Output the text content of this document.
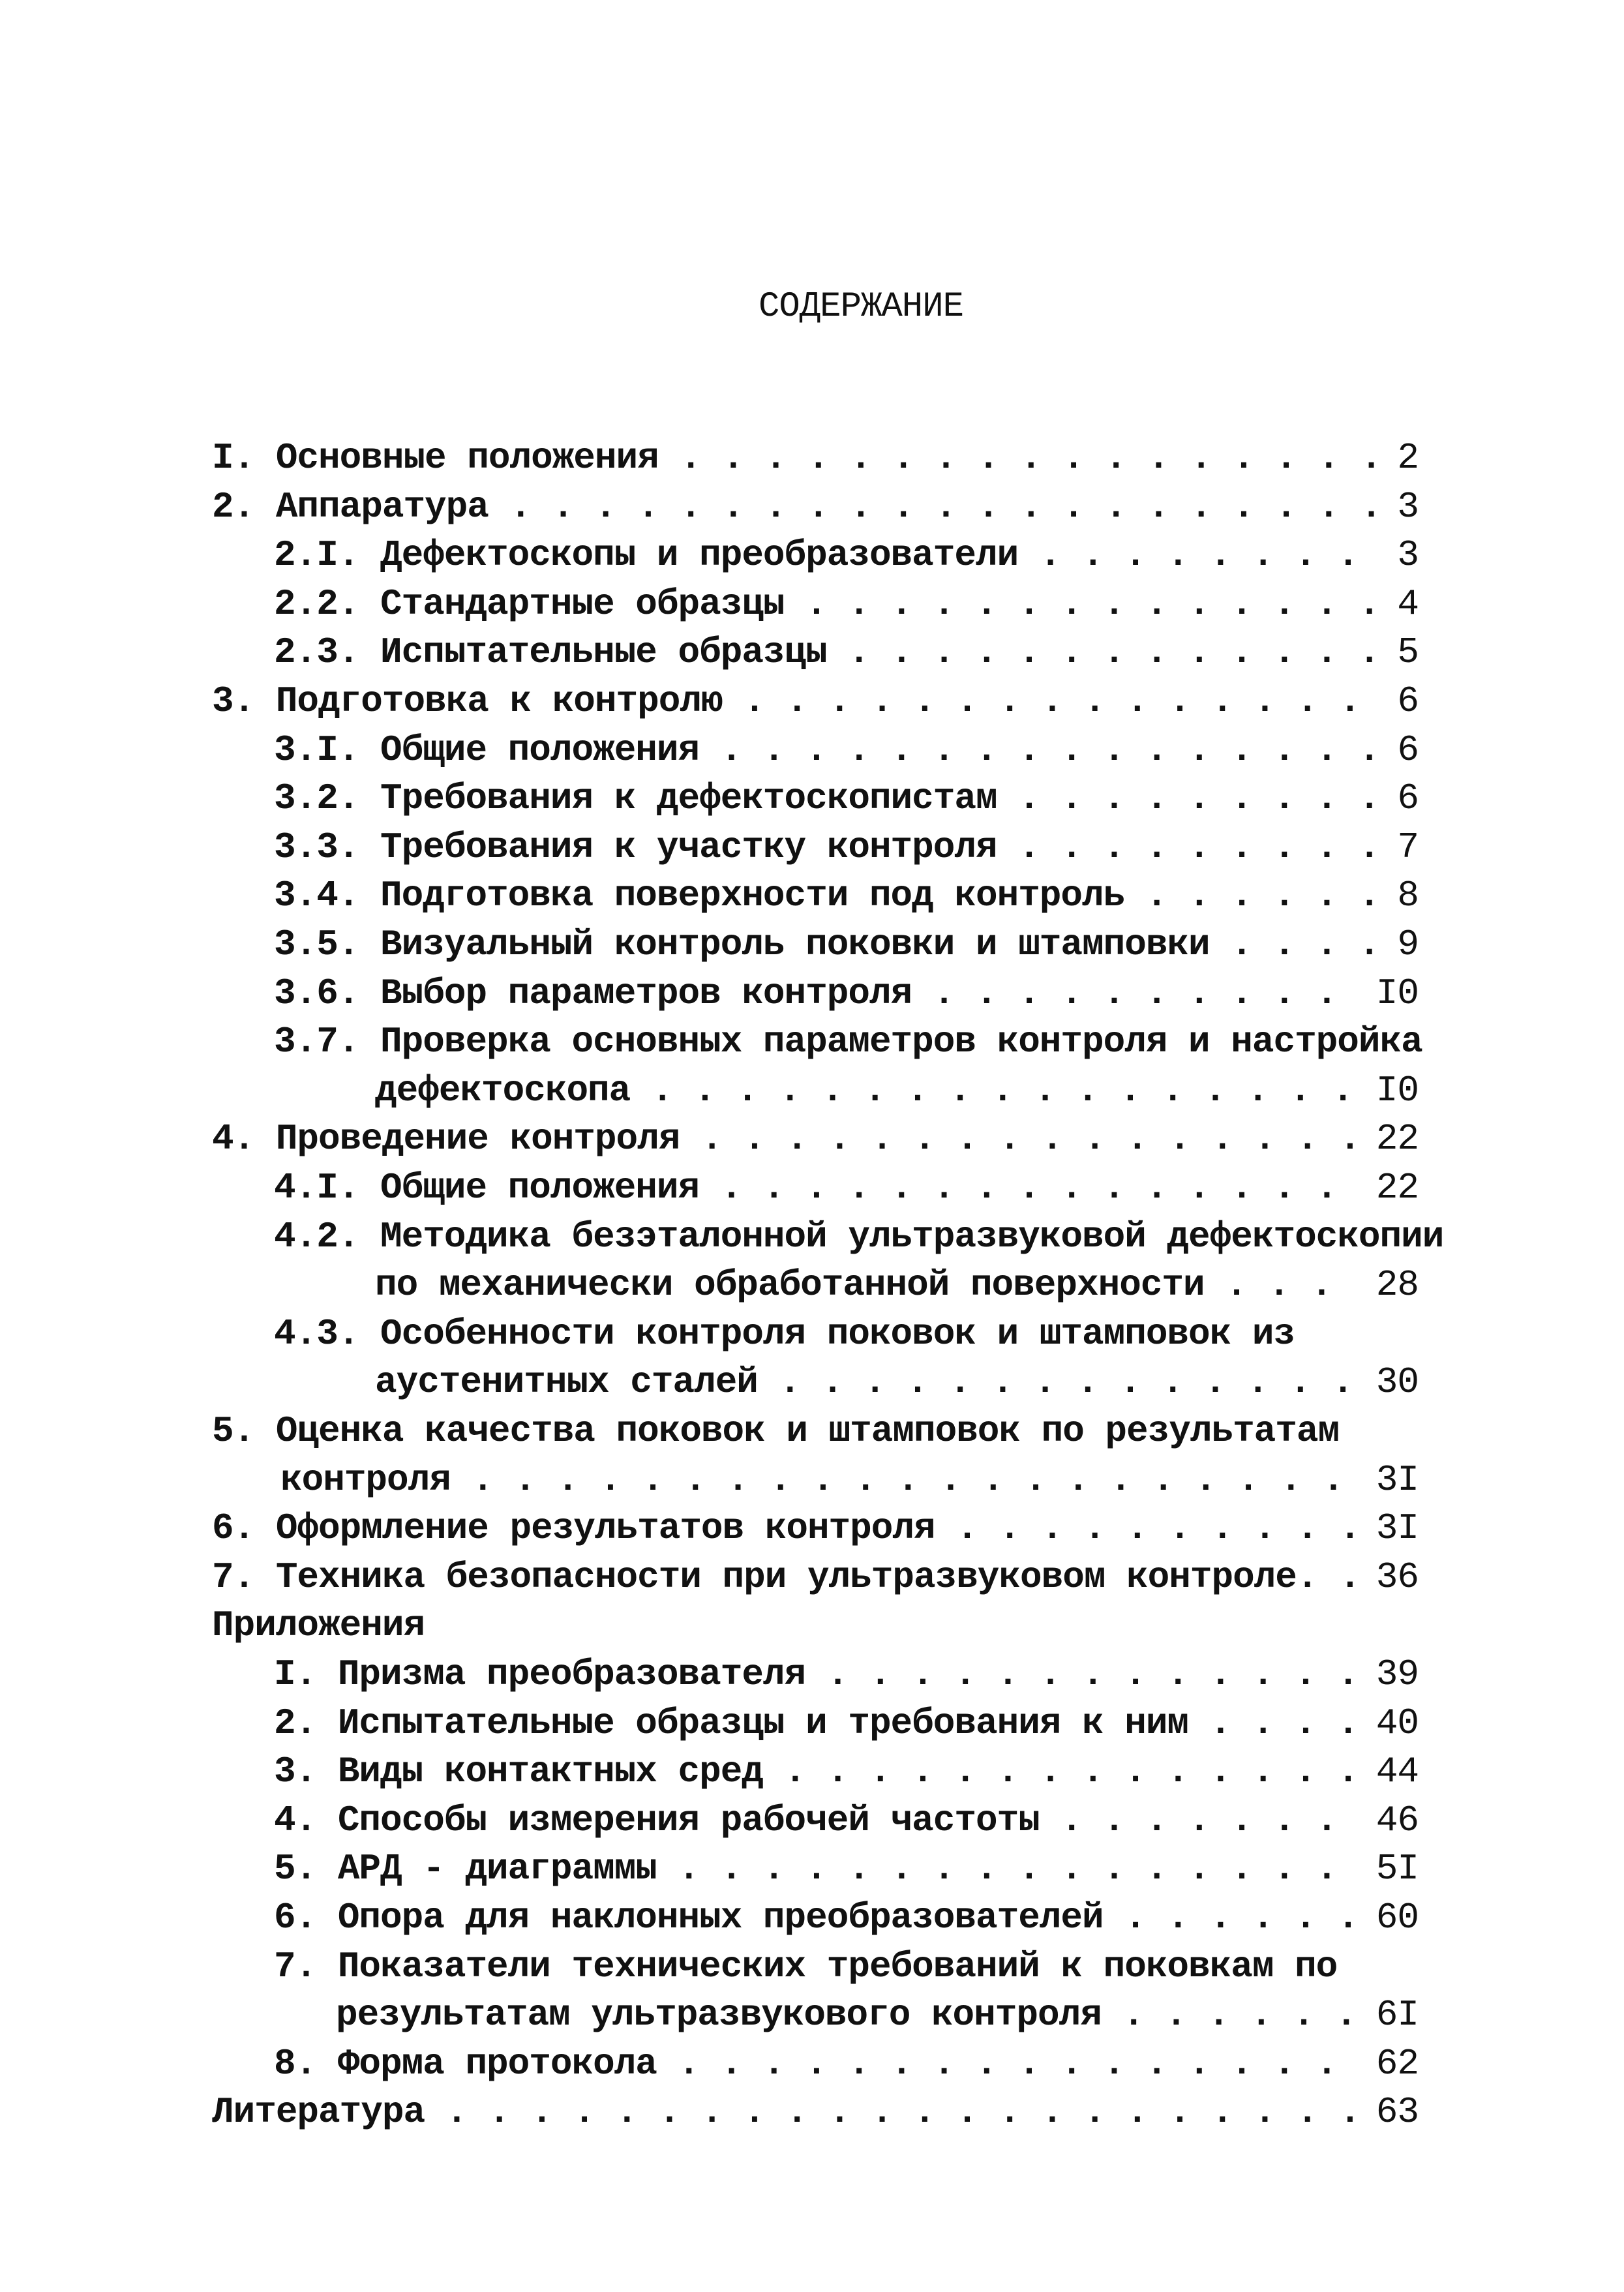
СОДЕРЖАНИЕ
I. Основные положения . . . . . . . . . . . . . . . . . 2
2. Аппаратура . . . . . . . . . . . . . . . . . . . . . 3
2.I. Дефектоскопы и преобразователи . . . . . . . . 3
2.2. Стандартные образцы . . . . . . . . . . . . . . 4
2.3. Испытательные образцы . . . . . . . . . . . . . 5
3. Подготовка к контролю . . . . . . . . . . . . . . . 6
3.I. Общие положения . . . . . . . . . . . . . . . . 6
3.2. Требования к дефектоскопистам . . . . . . . . . 6
3.3. Требования к участку контроля . . . . . . . . . 7
3.4. Подготовка поверхности под контроль . . . . . . 8
3.5. Визуальный контроль поковки и штамповки . . . . 9
3.6. Выбор параметров контроля . . . . . . . . . . I0
3.7. Проверка основных параметров контроля и настройка
дефектоскопа . . . . . . . . . . . . . . . . . I0
4. Проведение контроля . . . . . . . . . . . . . . . . 22
4.I. Общие положения . . . . . . . . . . . . . . . 22
4.2. Методика безэталонной ультразвуковой дефектоскопии
по механически обработанной поверхности . . . 28
4.3. Особенности контроля поковок и штамповок из
аустенитных сталей . . . . . . . . . . . . . . 30
5. Оценка качества поковок и штамповок по результатам
контроля . . . . . . . . . . . . . . . . . . . . . 3I
6. Оформление результатов контроля . . . . . . . . . . 3I
7. Техника безопасности при ультразвуковом контроле. . 36
Приложения
I. Призма преобразователя . . . . . . . . . . . . . 39
2. Испытательные образцы и требования к ним . . . . 40
3. Виды контактных сред . . . . . . . . . . . . . . 44
4. Способы измерения рабочей частоты . . . . . . . 46
5. АРД - диаграммы . . . . . . . . . . . . . . . . 5I
6. Опора для наклонных преобразователей . . . . . . 60
7. Показатели технических требований к поковкам по
результатам ультразвукового контроля . . . . . . 6I
8. Форма протокола . . . . . . . . . . . . . . . . 62
Литература . . . . . . . . . . . . . . . . . . . . . . 63
